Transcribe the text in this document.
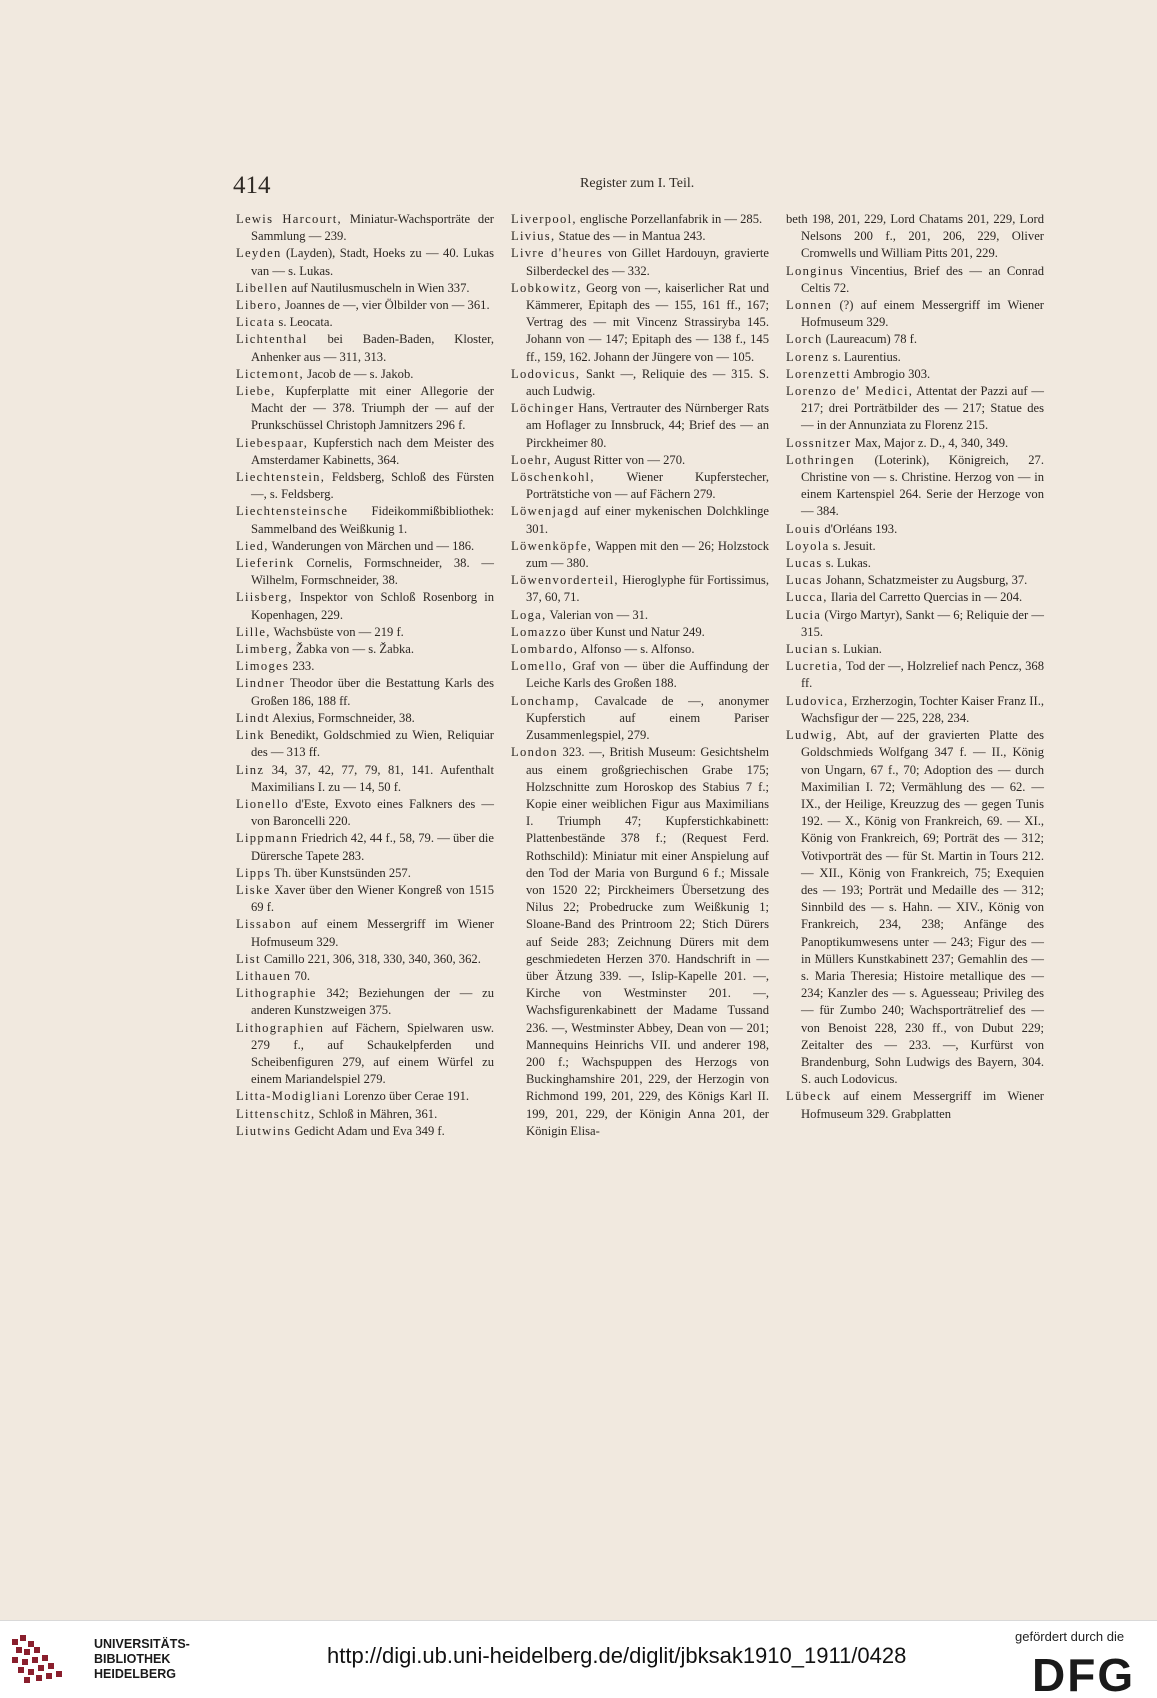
414	Register zum I. Teil.
Lewis Harcourt, Miniatur-Wachsporträte der Sammlung — 239.
Leyden (Layden), Stadt, Hoeks zu — 40. Lukas van — s. Lukas.
Libellen auf Nautilusmuscheln in Wien 337.
Libero, Joannes de —, vier Ölbilder von — 361.
Licata s. Leocata.
Lichtenthal bei Baden-Baden, Kloster, Anhenker aus — 311, 313.
Lictemont, Jacob de — s. Jakob.
Liebe, Kupferplatte mit einer Allegorie der Macht der — 378. Triumph der — auf der Prunkschüssel Christoph Jamnitzers 296 f.
Liebespaar, Kupferstich nach dem Meister des Amsterdamer Kabinetts, 364.
Liechtenstein, Feldsberg, Schloß des Fürsten —, s. Feldsberg.
Liechtensteinsche Fideikommißbibliothek: Sammelband des Weißkunig 1.
Lied, Wanderungen von Märchen und — 186.
Lieferink Cornelis, Formschneider, 38. — Wilhelm, Formschneider, 38.
Liisberg, Inspektor von Schloß Rosenborg in Kopenhagen, 229.
Lille, Wachsbüste von — 219 f.
Limberg, Žabka von — s. Žabka.
Limoges 233.
Lindner Theodor über die Bestattung Karls des Großen 186, 188 ff.
Lindt Alexius, Formschneider, 38.
Link Benedikt, Goldschmied zu Wien, Reliquiar des — 313 ff.
Linz 34, 37, 42, 77, 79, 81, 141. Aufenthalt Maximilians I. zu — 14, 50 f.
Lionello d'Este, Exvoto eines Falkners des — von Baroncelli 220.
Lippmann Friedrich 42, 44 f., 58, 79. — über die Dürersche Tapete 283.
Lipps Th. über Kunstsünden 257.
Liske Xaver über den Wiener Kongreß von 1515 69 f.
Lissabon auf einem Messergriff im Wiener Hofmuseum 329.
List Camillo 221, 306, 318, 330, 340, 360, 362.
Lithauen 70.
Lithographie 342; Beziehungen der — zu anderen Kunstzweigen 375.
Lithographien auf Fächern, Spielwaren usw. 279 f., auf Schaukelpferden und Scheibenfiguren 279, auf einem Würfel zu einem Mariandelspiel 279.
Litta-Modigliani Lorenzo über Cerae 191.
Littenschitz, Schloß in Mähren, 361.
Liutwins Gedicht Adam und Eva 349 f.
Liverpool, englische Porzellanfabrik in — 285.
Livius, Statue des — in Mantua 243.
Livre d'heures von Gillet Hardouyn, gravierte Silberdeckel des — 332.
Lobkowitz, Georg von —, kaiserlicher Rat und Kämmerer, Epitaph des — 155, 161 ff., 167; Vertrag des — mit Vincenz Strassiryba 145. Johann von — 147; Epitaph des — 138 f., 145 ff., 159, 162. Johann der Jüngere von — 105.
Lodovicus, Sankt —, Reliquie des — 315. S. auch Ludwig.
Löchinger Hans, Vertrauter des Nürnberger Rats am Hoflager zu Innsbruck, 44; Brief des — an Pirckheimer 80.
Loehr, August Ritter von — 270.
Löschenkohl, Wiener Kupferstecher, Porträtstiche von — auf Fächern 279.
Löwenjagd auf einer mykenischen Dolchklinge 301.
Löwenköpfe, Wappen mit den — 26; Holzstock zum — 380.
Löwenvorderteil, Hieroglyphe für Fortissimus, 37, 60, 71.
Loga, Valerian von — 31.
Lomazzo über Kunst und Natur 249.
Lombardo, Alfonso — s. Alfonso.
Lomello, Graf von — über die Auffindung der Leiche Karls des Großen 188.
Lonchamp, Cavalcade de —, anonymer Kupferstich auf einem Pariser Zusammenlegspiel, 279.
London 323. —, British Museum: Gesichtshelm aus einem großgriechischen Grabe 175; Holzschnitte zum Horoskop des Stabius 7 f.; Kopie einer weiblichen Figur aus Maximilians I. Triumph 47; Kupferstichkabinett: Plattenbestände 378 f.; (Request Ferd. Rothschild): Miniatur mit einer Anspielung auf den Tod der Maria von Burgund 6 f.; Missale von 1520 22; Pirckheimers Übersetzung des Nilus 22; Probedrucke zum Weißkunig 1; Sloane-Band des Printroom 22; Stich Dürers auf Seide 283; Zeichnung Dürers mit dem geschmiedeten Herzen 370. Handschrift in — über Ätzung 339. —, Islip-Kapelle 201. —, Kirche von Westminster 201. —, Wachsfigurenkabinett der Madame Tussand 236. —, Westminster Abbey, Dean von — 201; Mannequins Heinrichs VII. und anderer 198, 200 f.; Wachspuppen des Herzogs von Buckinghamshire 201, 229, der Herzogin von Richmond 199, 201, 229, des Königs Karl II. 199, 201, 229, der Königin Anna 201, der Königin Elisa-
beth 198, 201, 229, Lord Chatams 201, 229, Lord Nelsons 200 f., 201, 206, 229, Oliver Cromwells und William Pitts 201, 229.
Longinus Vincentius, Brief des — an Conrad Celtis 72.
Lonnen (?) auf einem Messergriff im Wiener Hofmuseum 329.
Lorch (Laureacum) 78 f.
Lorenz s. Laurentius.
Lorenzetti Ambrogio 303.
Lorenzo de' Medici, Attentat der Pazzi auf — 217; drei Porträtbilder des — 217; Statue des — in der Annunziata zu Florenz 215.
Lossnitzer Max, Major z. D., 4, 340, 349.
Lothringen (Loterink), Königreich, 27. Christine von — s. Christine. Herzog von — in einem Kartenspiel 264. Serie der Herzoge von — 384.
Louis d'Orléans 193.
Loyola s. Jesuit.
Lucas s. Lukas.
Lucas Johann, Schatzmeister zu Augsburg, 37.
Lucca, Ilaria del Carretto Quercias in — 204.
Lucia (Virgo Martyr), Sankt — 6; Reliquie der — 315.
Lucian s. Lukian.
Lucretia, Tod der —, Holzrelief nach Pencz, 368 ff.
Ludovica, Erzherzogin, Tochter Kaiser Franz II., Wachsfigur der — 225, 228, 234.
Ludwig, Abt, auf der gravierten Platte des Goldschmieds Wolfgang 347 f. — II., König von Ungarn, 67 f., 70; Adoption des — durch Maximilian I. 72; Vermählung des — 62. — IX., der Heilige, Kreuzzug des — gegen Tunis 192. — X., König von Frankreich, 69. — XI., König von Frankreich, 69; Porträt des — 312; Votivporträt des — für St. Martin in Tours 212. — XII., König von Frankreich, 75; Exequien des — 193; Porträt und Medaille des — 312; Sinnbild des — s. Hahn. — XIV., König von Frankreich, 234, 238; Anfänge des Panoptikumwesens unter — 243; Figur des — in Müllers Kunstkabinett 237; Gemahlin des — s. Maria Theresia; Histoire metallique des — 234; Kanzler des — s. Aguesseau; Privileg des — für Zumbo 240; Wachsporträtrelief des — von Benoist 228, 230 ff., von Dubut 229; Zeitalter des — 233. —, Kurfürst von Brandenburg, Sohn Ludwigs des Bayern, 304. S. auch Lodovicus.
Lübeck auf einem Messergriff im Wiener Hofmuseum 329. Grabplatten
UNIVERSITÄTS-
BIBLIOTHEK
HEIDELBERG
http://digi.ub.uni-heidelberg.de/diglit/jbksak1910_1911/0428
gefördert durch die
DFG
